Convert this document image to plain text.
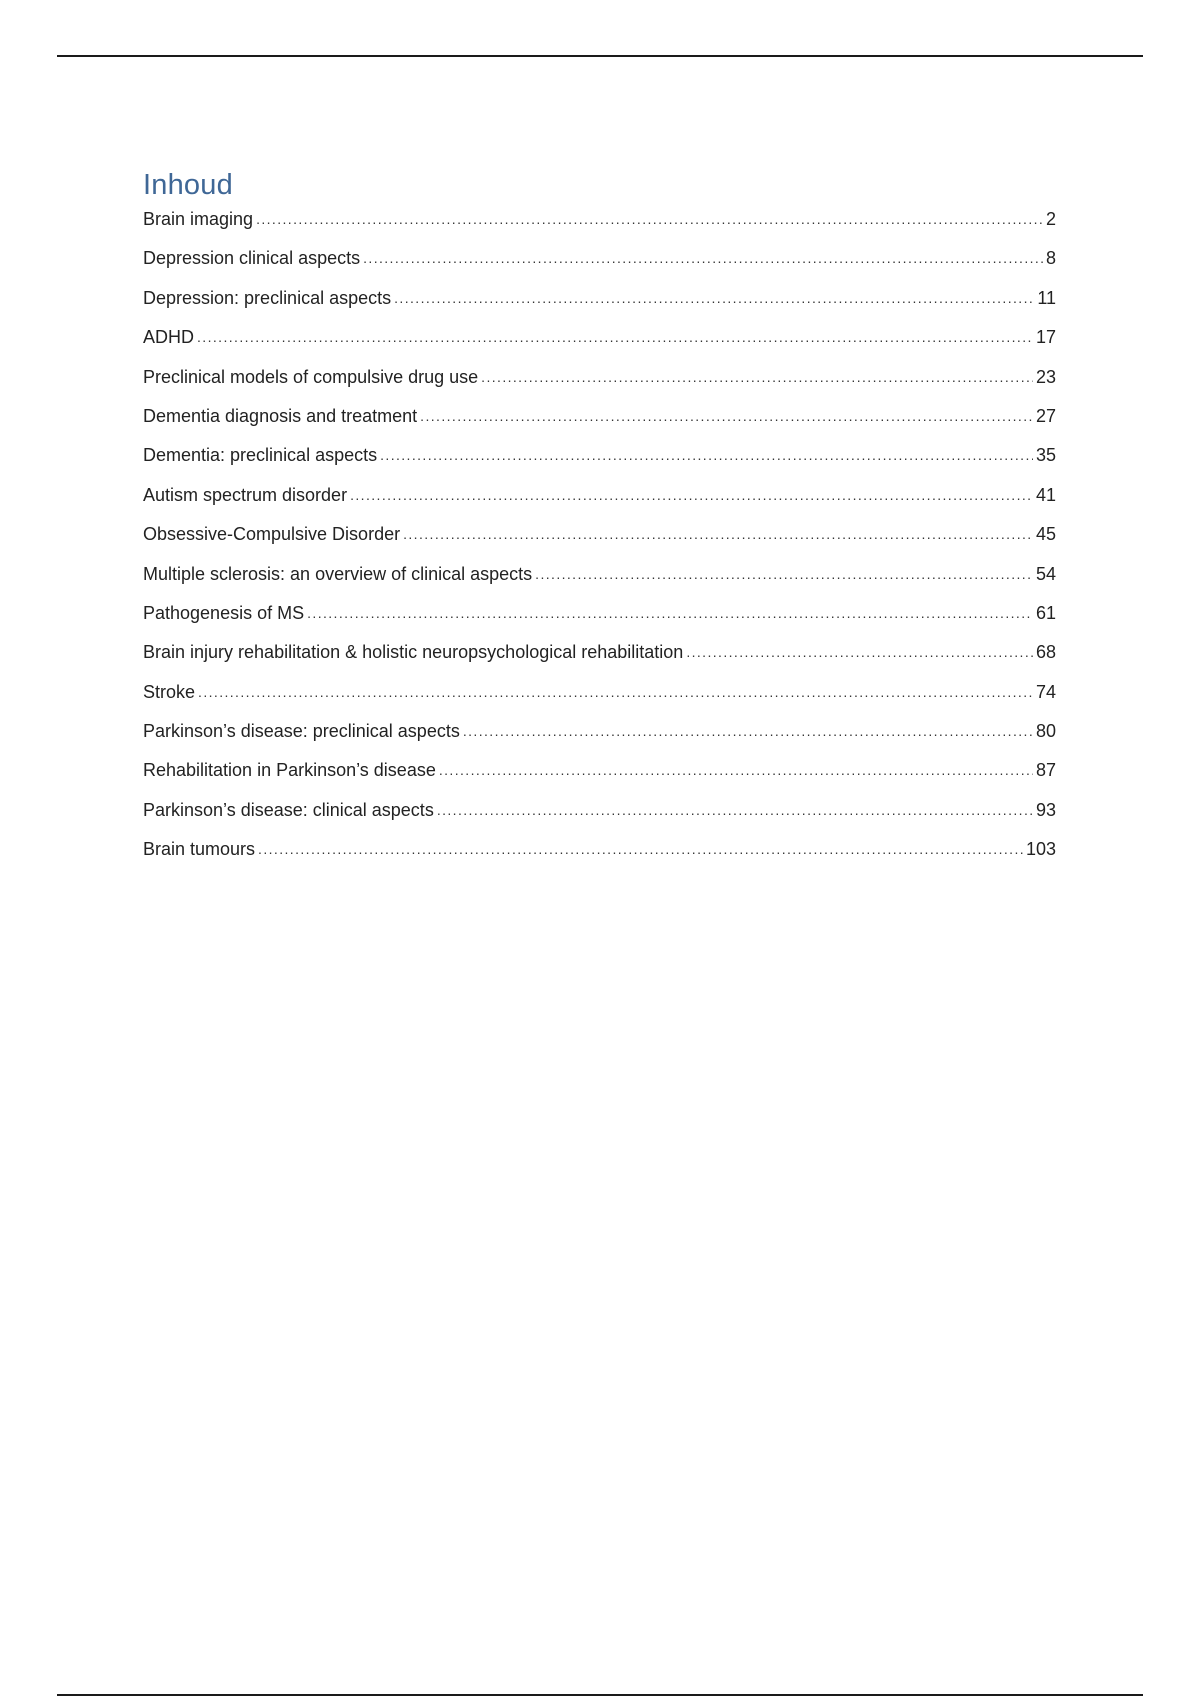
Inhoud
Brain imaging .....	2
Depression clinical aspects .....	8
Depression: preclinical aspects .....	11
ADHD .....	17
Preclinical models of compulsive drug use .....	23
Dementia diagnosis and treatment .....	27
Dementia: preclinical aspects .....	35
Autism spectrum disorder .....	41
Obsessive-Compulsive Disorder .....	45
Multiple sclerosis: an overview of clinical aspects .....	54
Pathogenesis of MS .....	61
Brain injury rehabilitation & holistic neuropsychological rehabilitation .....	68
Stroke .....	74
Parkinson’s disease: preclinical aspects .....	80
Rehabilitation in Parkinson’s disease .....	87
Parkinson’s disease: clinical aspects .....	93
Brain tumours .....	103
